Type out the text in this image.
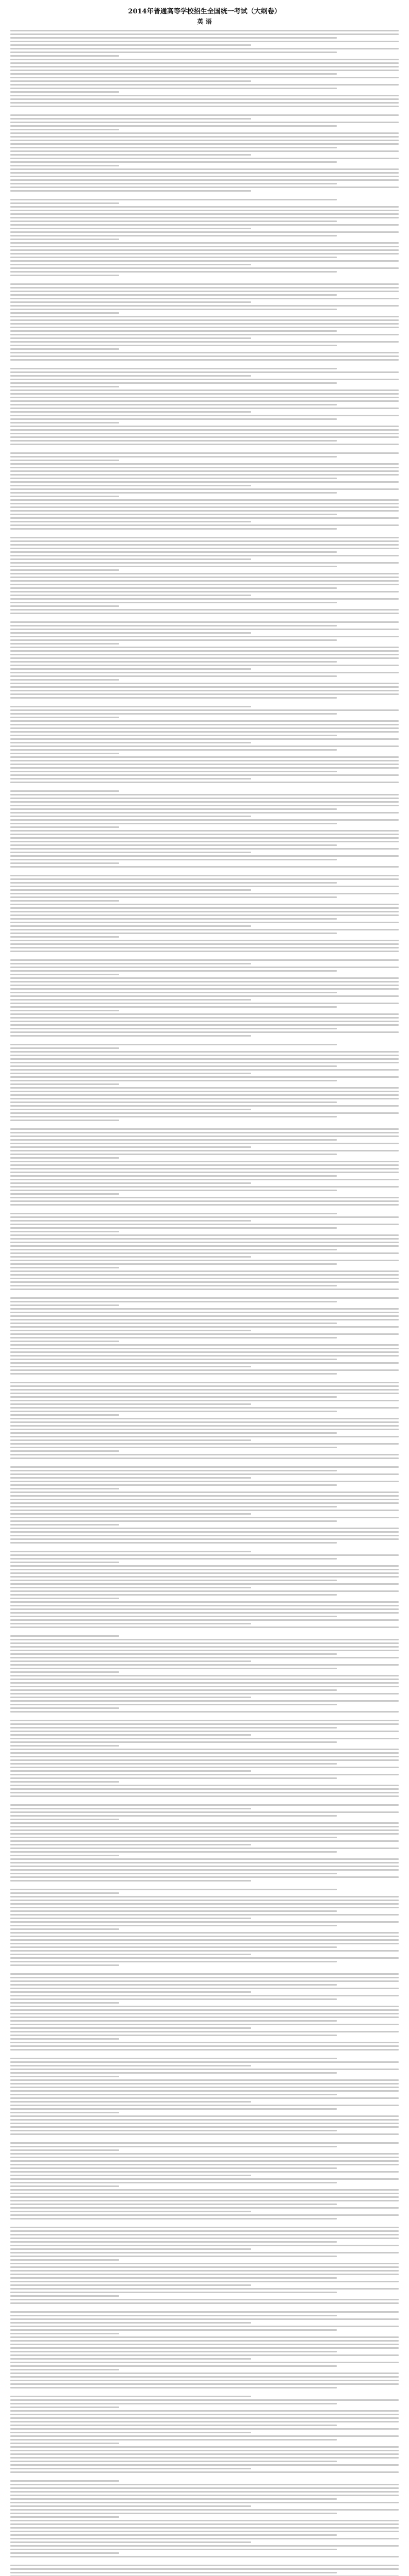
2014年普通高等学校招生全国统一考试（大纲卷）

英 语
